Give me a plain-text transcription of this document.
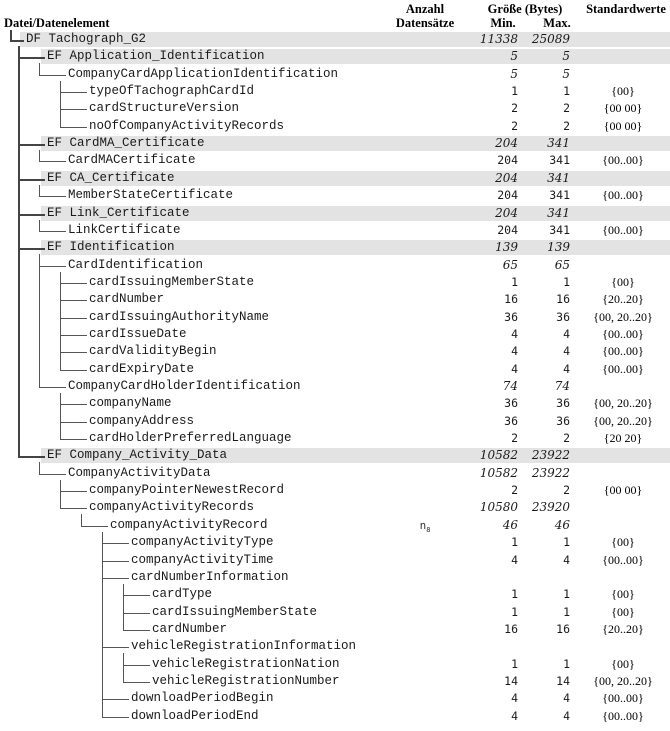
Datei/Datenelement
Anzahl
Datensätze
Größe (Bytes)
Min.	Max.
Standardwerte
DF Tachograph_G2	11338	25089
EF Application_Identification	5	5
CompanyCardApplicationIdentification	5	5
typeOfTachographCardId	1	1	{00}
cardStructureVersion	2	2	{00 00}
noOfCompanyActivityRecords	2	2	{00 00}
EF CardMA_Certificate	204	341
CardMACertificate	204	341	{00..00}
EF CA_Certificate	204	341
MemberStateCertificate	204	341	{00..00}
EF Link_Certificate	204	341
LinkCertificate	204	341	{00..00}
EF Identification	139	139
CardIdentification	65	65
cardIssuingMemberState	1	1	{00}
cardNumber	16	16	{20..20}
cardIssuingAuthorityName	36	36	{00, 20..20}
cardIssueDate	4	4	{00..00}
cardValidityBegin	4	4	{00..00}
cardExpiryDate	4	4	{00..00}
CompanyCardHolderIdentification	74	74
companyName	36	36	{00, 20..20}
companyAddress	36	36	{00, 20..20}
cardHolderPreferredLanguage	2	2	{20 20}
EF Company_Activity_Data	10582	23922
CompanyActivityData	10582	23922
companyPointerNewestRecord	2	2	{00 00}
companyActivityRecords	10580	23920
companyActivityRecord	$n_8$	46	46
companyActivityType	1	1	{00}
companyActivityTime	4	4	{00..00}
cardNumberInformation
cardType	1	1	{00}
cardIssuingMemberState	1	1	{00}
cardNumber	16	16	{20..20}
vehicleRegistrationInformation
vehicleRegistrationNation	1	1	{00}
vehicleRegistrationNumber	14	14	{00, 20..20}
downloadPeriodBegin	4	4	{00..00}
downloadPeriodEnd	4	4	{00..00}
